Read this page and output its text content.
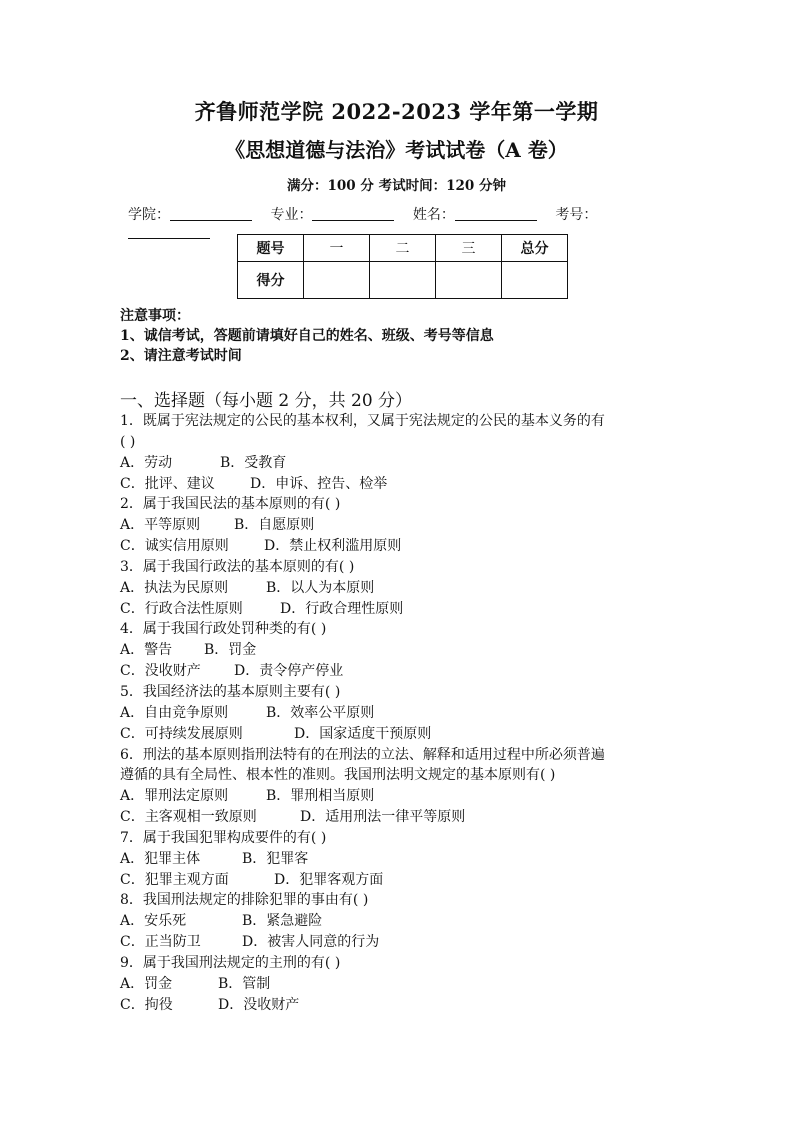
齐鲁师范学院 2022-2023 学年第一学期
《思想道德与法治》考试试卷（A 卷）
满分：100 分 考试时间：120 分钟
学院：	专业：	姓名：	考号：
题号	一	二	三	总分
得分				
注意事项：
1、诚信考试，答题前请填好自己的姓名、班级、考号等信息
2、请注意考试时间
一、选择题（每小题 2 分，共 20 分）
1．既属于宪法规定的公民的基本权利，又属于宪法规定的公民的基本义务的有
( )
A．劳动	B．受教育
C．批评、建议	D．申诉、控告、检举
2．属于我国民法的基本原则的有( )
A．平等原则 B．自愿原则
C．诚实信用原则	D．禁止权利滥用原则
3．属于我国行政法的基本原则的有( )
A．执法为民原则	B．以人为本原则
C．行政合法性原则	D．行政合理性原则
4．属于我国行政处罚种类的有( )
A．警告 B．罚金
C．没收财产 D．责令停产停业
5．我国经济法的基本原则主要有( )
A．自由竞争原则	B．效率公平原则
C．可持续发展原则	D．国家适度干预原则
6．刑法的基本原则指刑法特有的在刑法的立法、解释和适用过程中所必须普遍
遵循的具有全局性、根本性的准则。我国刑法明文规定的基本原则有( )
A．罪刑法定原则	B．罪刑相当原则
C．主客观相一致原则	D．适用刑法一律平等原则
7．属于我国犯罪构成要件的有( )
A．犯罪主体	B．犯罪客
C．犯罪主观方面	D．犯罪客观方面
8．我国刑法规定的排除犯罪的事由有( )
A．安乐死	B．紧急避险
C．正当防卫	D．被害人同意的行为
9．属于我国刑法规定的主刑的有( )
A．罚金	B．管制
C．拘役	D．没收财产
